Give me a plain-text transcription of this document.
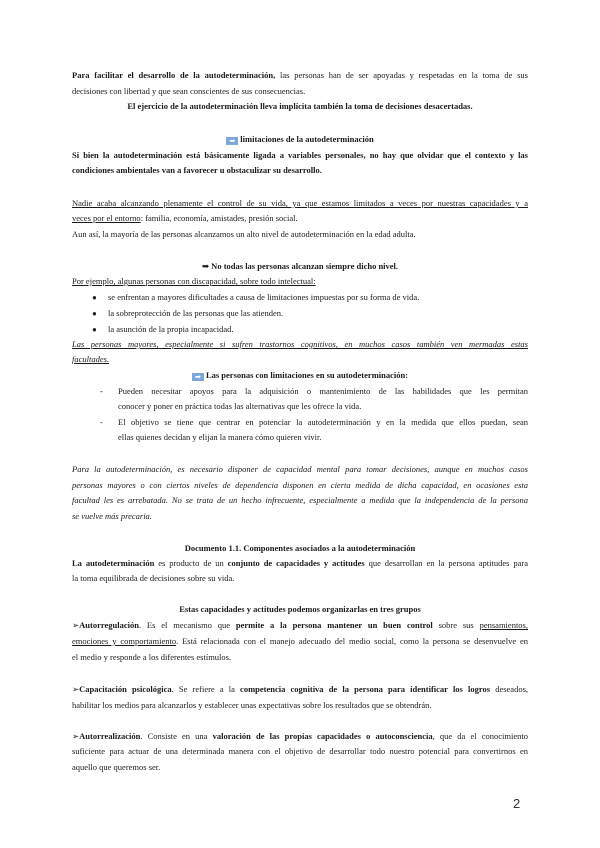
Para facilitar el desarrollo de la autodeterminación, las personas han de ser apoyadas y respetadas en la toma de sus
decisiones con libertad y que sean conscientes de sus consecuencias.
El ejercicio de la autodeterminación lleva implícita también la toma de decisiones desacertadas.
➡ limitaciones de la autodeterminación
Si bien la autodeterminación está básicamente ligada a variables personales, no hay que olvidar que el contexto y las
condiciones ambientales van a favorecer u obstaculizar su desarrollo.
Nadie acaba alcanzando plenamente el control de su vida, ya que estamos limitados a veces por nuestras capacidades y a
veces por el entorno: familia, economía, amistades, presión social.
Aun así, la mayoría de las personas alcanzamos un alto nivel de autodeterminación en la edad adulta.
➡ No todas las personas alcanzan siempre dicho nivel.
Por ejemplo, algunas personas con discapacidad, sobre todo intelectual:
● se enfrentan a mayores dificultades a causa de limitaciones impuestas por su forma de vida.
● la sobreprotección de las personas que las atienden.
● la asunción de la propia incapacidad.
Las personas mayores, especialmente si sufren trastornos cognitivos, en muchos casos también ven mermadas estas
facultades.
➡ Las personas con limitaciones en su autodeterminación:
- Pueden necesitar apoyos para la adquisición o mantenimiento de las habilidades que les permitan
conocer y poner en práctica todas las alternativas que les ofrece la vida.
- El objetivo se tiene que centrar en potenciar la autodeterminación y en la medida que ellos puedan, sean
ellas quienes decidan y elijan la manera cómo quieren vivir.
Para la autodeterminación, es necesario disponer de capacidad mental para tomar decisiones, aunque en muchos casos
personas mayores o con ciertos niveles de dependencia disponen en cierta medida de dicha capacidad, en ocasiones esta
facultad les es arrebatada. No se trata de un hecho infrecuente, especialmente a medida que la independencia de la persona
se vuelve más precaria.
Documento 1.1. Componentes asociados a la autodeterminación
La autodeterminación es producto de un conjunto de capacidades y actitudes que desarrollan en la persona aptitudes para
la toma equilibrada de decisiones sobre su vida.
Estas capacidades y actitudes podemos organizarlas en tres grupos
➢Autorregulación. Es el mecanismo que permite a la persona mantener un buen control sobre sus pensamientos,
emociones y comportamiento. Está relacionada con el manejo adecuado del medio social, como la persona se desenvuelve en
el medio y responde a los diferentes estímulos.
➢Capacitación psicológica. Se refiere a la competencia cognitiva de la persona para identificar los logros deseados,
habilitar los medios para alcanzarlos y establecer unas expectativas sobre los resultados que se obtendrán.
➢Autorrealización. Consiste en una valoración de las propias capacidades o autoconsciencia, que da el conocimiento
suficiente para actuar de una determinada manera con el objetivo de desarrollar todo nuestro potencial para convertirnos en
aquello que queremos ser.
2
